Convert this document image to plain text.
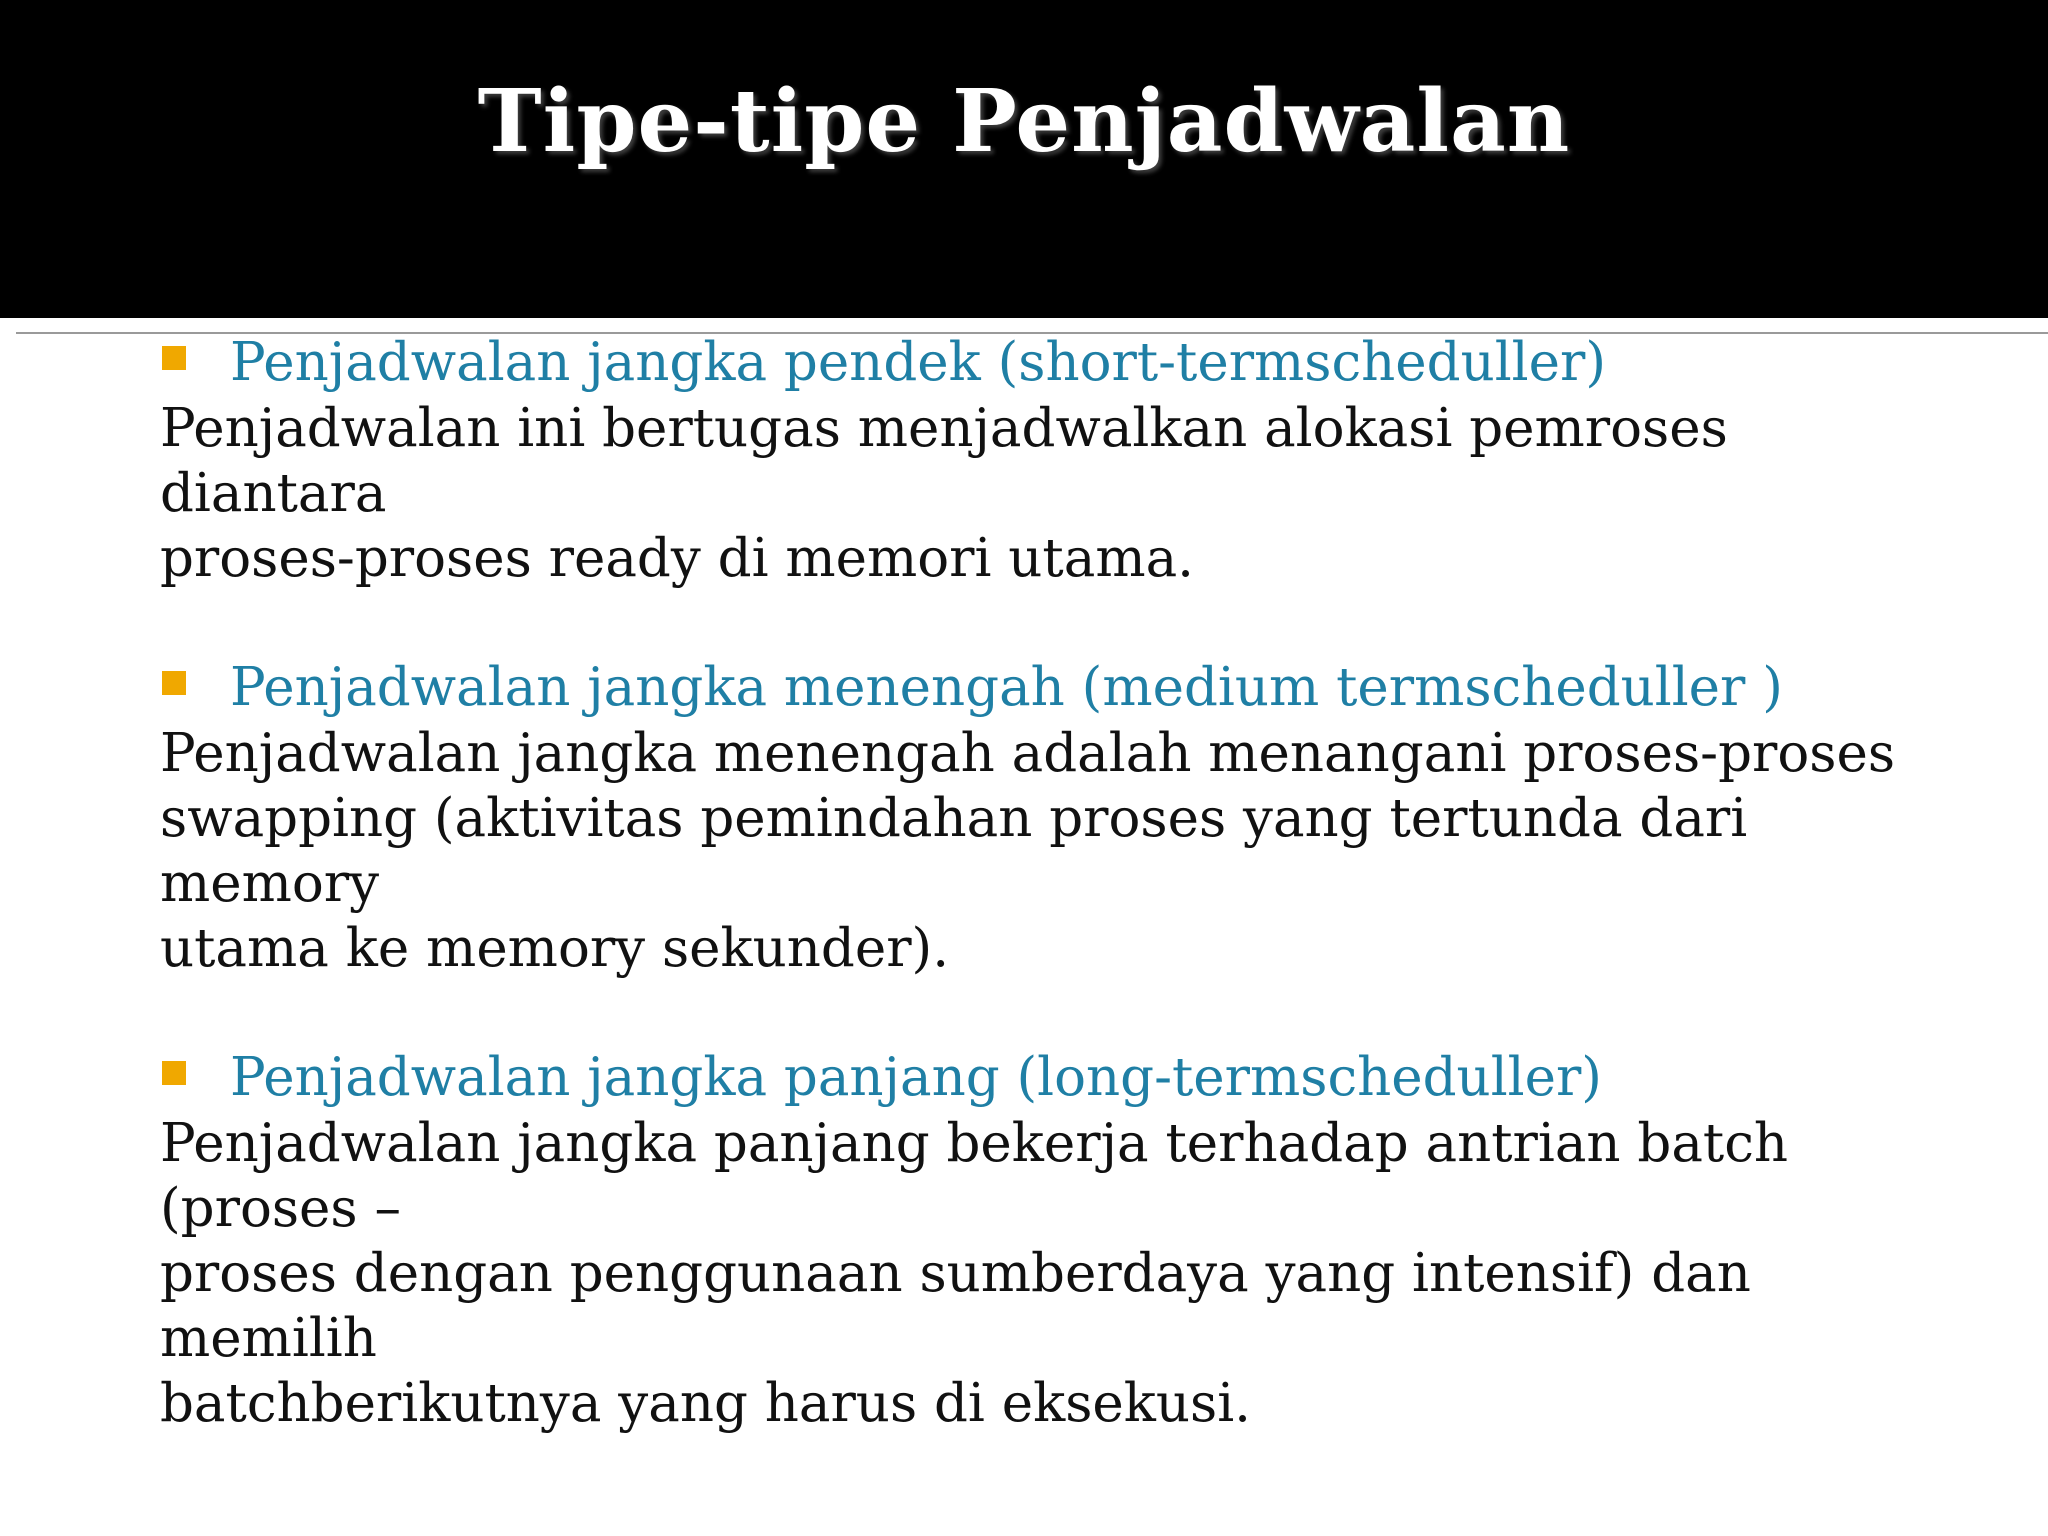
Tipe-tipe Penjadwalan
Penjadwalan jangka pendek (short-termscheduller)

Penjadwalan ini bertugas menjadwalkan alokasi pemroses diantara
proses-proses ready di memori utama.

Penjadwalan jangka menengah (medium termscheduller )

Penjadwalan jangka menengah adalah menangani proses-proses
swapping (aktivitas pemindahan proses yang tertunda dari memory
utama ke memory sekunder).

Penjadwalan jangka panjang (long-termscheduller)

Penjadwalan jangka panjang bekerja terhadap antrian batch (proses –
proses dengan penggunaan sumberdaya yang intensif) dan memilih
batchberikutnya yang harus di eksekusi.
